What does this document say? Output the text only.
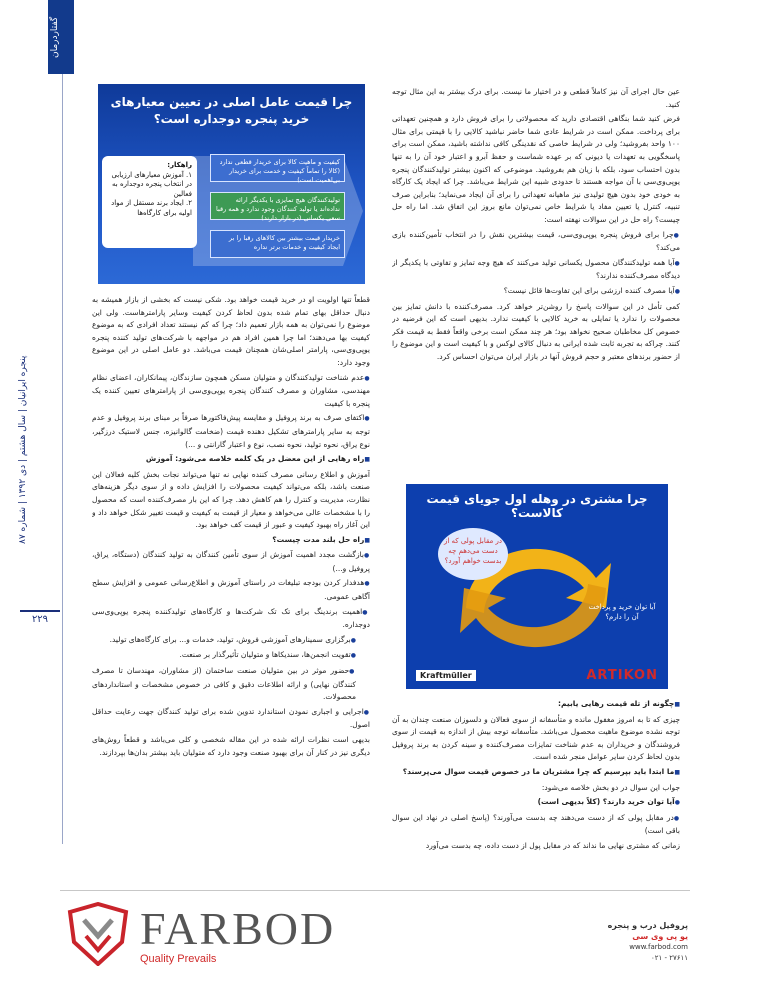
گفتاردرمان
پنجره ایرانیان | سال هشتم | دی ۱۳۹۲ | شماره ۸۷
۲۲۹

عین حال اجرای آن نیز کاملاً قطعی و در اختیار ما نیست. برای درک بیشتر به این مثال توجه کنید.

فرض کنید شما بنگاهی اقتصادی دارید که محصولاتی را برای فروش دارد و همچنین تعهداتی برای پرداخت. ممکن است در شرایط عادی شما حاضر نباشید کالایی را با قیمتی برای مثال ۱۰۰ واحد بفروشید؛ ولی در شرایط خاصی که نقدینگی کافی نداشته باشید، ممکن است برای پاسخگویی به تعهدات یا دیونی که بر عهده شماست و حفظ آبرو و اعتبار خود آن را به تنها بدون احتساب سود، بلکه با زیان هم بفروشید. موضوعی که اکنون بیشتر تولیدکنندگان پنجره یو‌پی‌وی‌سی با آن مواجه هستند تا حدودی شبیه این شرایط می‌باشد. چرا که ایجاد یک کارگاه به خودی خود بدون هیچ تولیدی نیز ماهیانه تعهداتی را برای آن ایجاد می‌نماید؛ بنابراین صرف تنبیه، کنترل یا تعیین مفاد یا شرایط خاص نمی‌توان مانع بروز این اتفاق شد. اما راه حل چیست؟ راه حل در این سوالات نهفته است:

● چرا برای فروش پنجره یو‌پی‌وی‌سی، قیمت بیشترین نقش را در انتخاب تأمین‌کننده بازی می‌کند؟

● آیا همه تولیدکنندگان محصول یکسانی تولید می‌کنند که هیچ وجه تمایز و تفاوتی با یکدیگر از دیدگاه مصرف‌کننده ندارند؟

● آیا مصرف کننده ارزشی برای این تفاوت‌ها قائل نیست؟

کمی تأمل در این سوالات پاسخ را روشن‌تر خواهد کرد. مصرف‌کننده با دانش تمایز بین محصولات را ندارد یا تمایلی به خرید کالایی با کیفیت ندارد. بدیهی است که این فرضیه در خصوص کل مخاطبان صحیح نخواهد بود؛ هر چند ممکن است برخی واقعاً فقط به قیمت فکر کنند. چراکه به تجربه ثابت شده ایرانی به دنبال کالای لوکس و با کیفیت است و این موضوع را از حضور برندهای معتبر و حجم فروش آنها در بازار ایران می‌توان احساس کرد.

چرا مشتری در وهله اول جویای قیمت کالاست؟
در مقابل پولی که از دست می‌دهم چه بدست خواهم آورد؟
آیا توان خرید و پرداخت آن را دارم؟
Kraftmüller	ARTIKON

■ چگونه از تله قیمت رهایی یابیم:

چیزی که تا به امروز مغفول مانده و متأسفانه از سوی فعالان و دلسوزان صنعت چندان به آن توجه نشده موضوع ماهیت محصول می‌باشد. متأسفانه توجه بیش از اندازه به قیمت از سوی فروشندگان و خریداران به عدم شناخت تمایزات مصرف‌کننده و سینه کردن به برند پروفیل بدون لحاظ کردن سایر عوامل منجر شده است.

■ ما ابتدا باید بپرسیم که چرا مشتریان ما در خصوص قیمت سوال می‌پرسند؟

جواب این سوال در دو بخش خلاصه می‌شود:

● آیا توان خرید دارند؟ (کلاً بدیهی است)

● در مقابل پولی که از دست می‌دهند چه بدست می‌آورند؟ (پاسخ اصلی در نهاد این سوال باقی است)

زمانی که مشتری نهایی ما نداند که در مقابل پول از دست داده، چه بدست می‌آورد

چرا قیمت عامل اصلی در تعیین معیارهای خرید پنجره دوجداره است؟
کیفیت و ماهیت کالا برای خریدار قطعی ندارد (کالا را تماماً کیفیت و خدمت برای خریدار بی‌اهمیت است)
تولیدکنندگان هیچ تمایزی با یکدیگر ارائه نداده‌اند یا تولید کنندگان وجود ندارد و همه رقبا سعی یکسانی (در بازار دارند)
خریدار قیمت بیشتر بین کالاهای رقبا را بر ایجاد کیفیت و خدمات برتر نداره
راهکار:
۱. آموزش معیارهای ارزیابی در انتخاب پنجره دوجداره به فعالین
۲. ایجاد برند مستقل از مواد اولیه برای کارگاه‌ها

قطعاً تنها اولویت او در خرید قیمت خواهد بود. شکی نیست که بخشی از بازار همیشه به دنبال حداقل بهای تمام شده بدون لحاظ کردن کیفیت وسایر پارامترهاست. ولی این موضوع را نمی‌توان به همه بازار تعمیم داد؛ چرا که کم نیستند تعداد افرادی که به موضوع کیفیت بها می‌دهند؛ اما چرا همین افراد هم در مواجهه با شرکت‌های تولید کننده پنجره یو‌پی‌وی‌سی، پارامتر اصلی‌شان همچنان قیمت می‌باشد. دو عامل اصلی در این موضوع وجود دارد:

● عدم شناخت تولیدکنندگان و متولیان مسکن همچون سازندگان، پیمانکاران، اعضای نظام مهندسی، مشاوران و مصرف کنندگان پنجره یو‌پی‌وی‌سی از پارامترهای تعیین کننده یک پنجره با کیفیت

● اکتفای صرف به برند پروفیل و مقایسه پیش‌فاکتورها صرفاً بر مبنای برند پروفیل و عدم توجه به سایر پارامترهای تشکیل دهنده قیمت (ضخامت گالوانیزه، جنس لاستیک درزگیر، نوع یراق، نحوه تولید، نحوه نصب، نوع و اعتبار گارانتی و ...)

■ راه رهایی از این معضل در یک کلمه خلاصه می‌شود: آموزش

آموزش و اطلاع رسانی مصرف کننده نهایی نه تنها می‌تواند نجات بخش کلیه فعالان این صنعت باشد، بلکه می‌تواند کیفیت محصولات را افزایش داده و از سوی دیگر هزینه‌های نظارت، مدیریت و کنترل را هم کاهش دهد. چرا که این بار مصرف‌کننده است که محصول را با مشخصات عالی می‌خواهد و معیار از قیمت به کیفیت و قیمت تغییر شکل خواهد داد و این آغاز راه بهبود کیفیت و عبور از قیمت کف خواهد بود.

■ راه حل بلند مدت چیست؟

● بازگشت مجدد اهمیت آموزش از سوی تأمین کنندگان به تولید کنندگان (دستگاه، یراق، پروفیل و...)

● هدفدار کردن بودجه تبلیغات در راستای آموزش و اطلاع‌رسانی عمومی و افزایش سطح آگاهی عمومی.

● اهمیت برندینگ برای تک تک شرکت‌ها و کارگاه‌های تولیدکننده پنجره یو‌پی‌وی‌سی دوجداره.

● برگزاری سمینارهای آموزشی فروش، تولید، خدمات و... برای کارگاه‌های تولید.

● تقویت انجمن‌ها، سندیکاها و متولیان تأثیرگذار بر صنعت.

● حضور موثر در بین متولیان صنعت ساختمان (از مشاوران، مهندسان تا مصرف کنندگان نهایی) و ارائه اطلاعات دقیق و کافی در خصوص مشخصات و استانداردهای محصولات.

● اجرایی و اجباری نمودن استاندارد تدوین شده برای تولید کنندگان جهت رعایت حداقل اصول.

بدیهی است نظرات ارائه شده در این مقاله شخصی و کلی می‌باشد و قطعاً روش‌های دیگری نیز در کنار آن برای بهبود صنعت وجود دارد که متولیان باید بیشتر بدان‌ها بپردازند.

FARBOD
Quality Prevails
پروفیل درب و پنجره
یو پی وی سی
www.farbod.com
۰۲۱ - ۲۷۶۱۱
